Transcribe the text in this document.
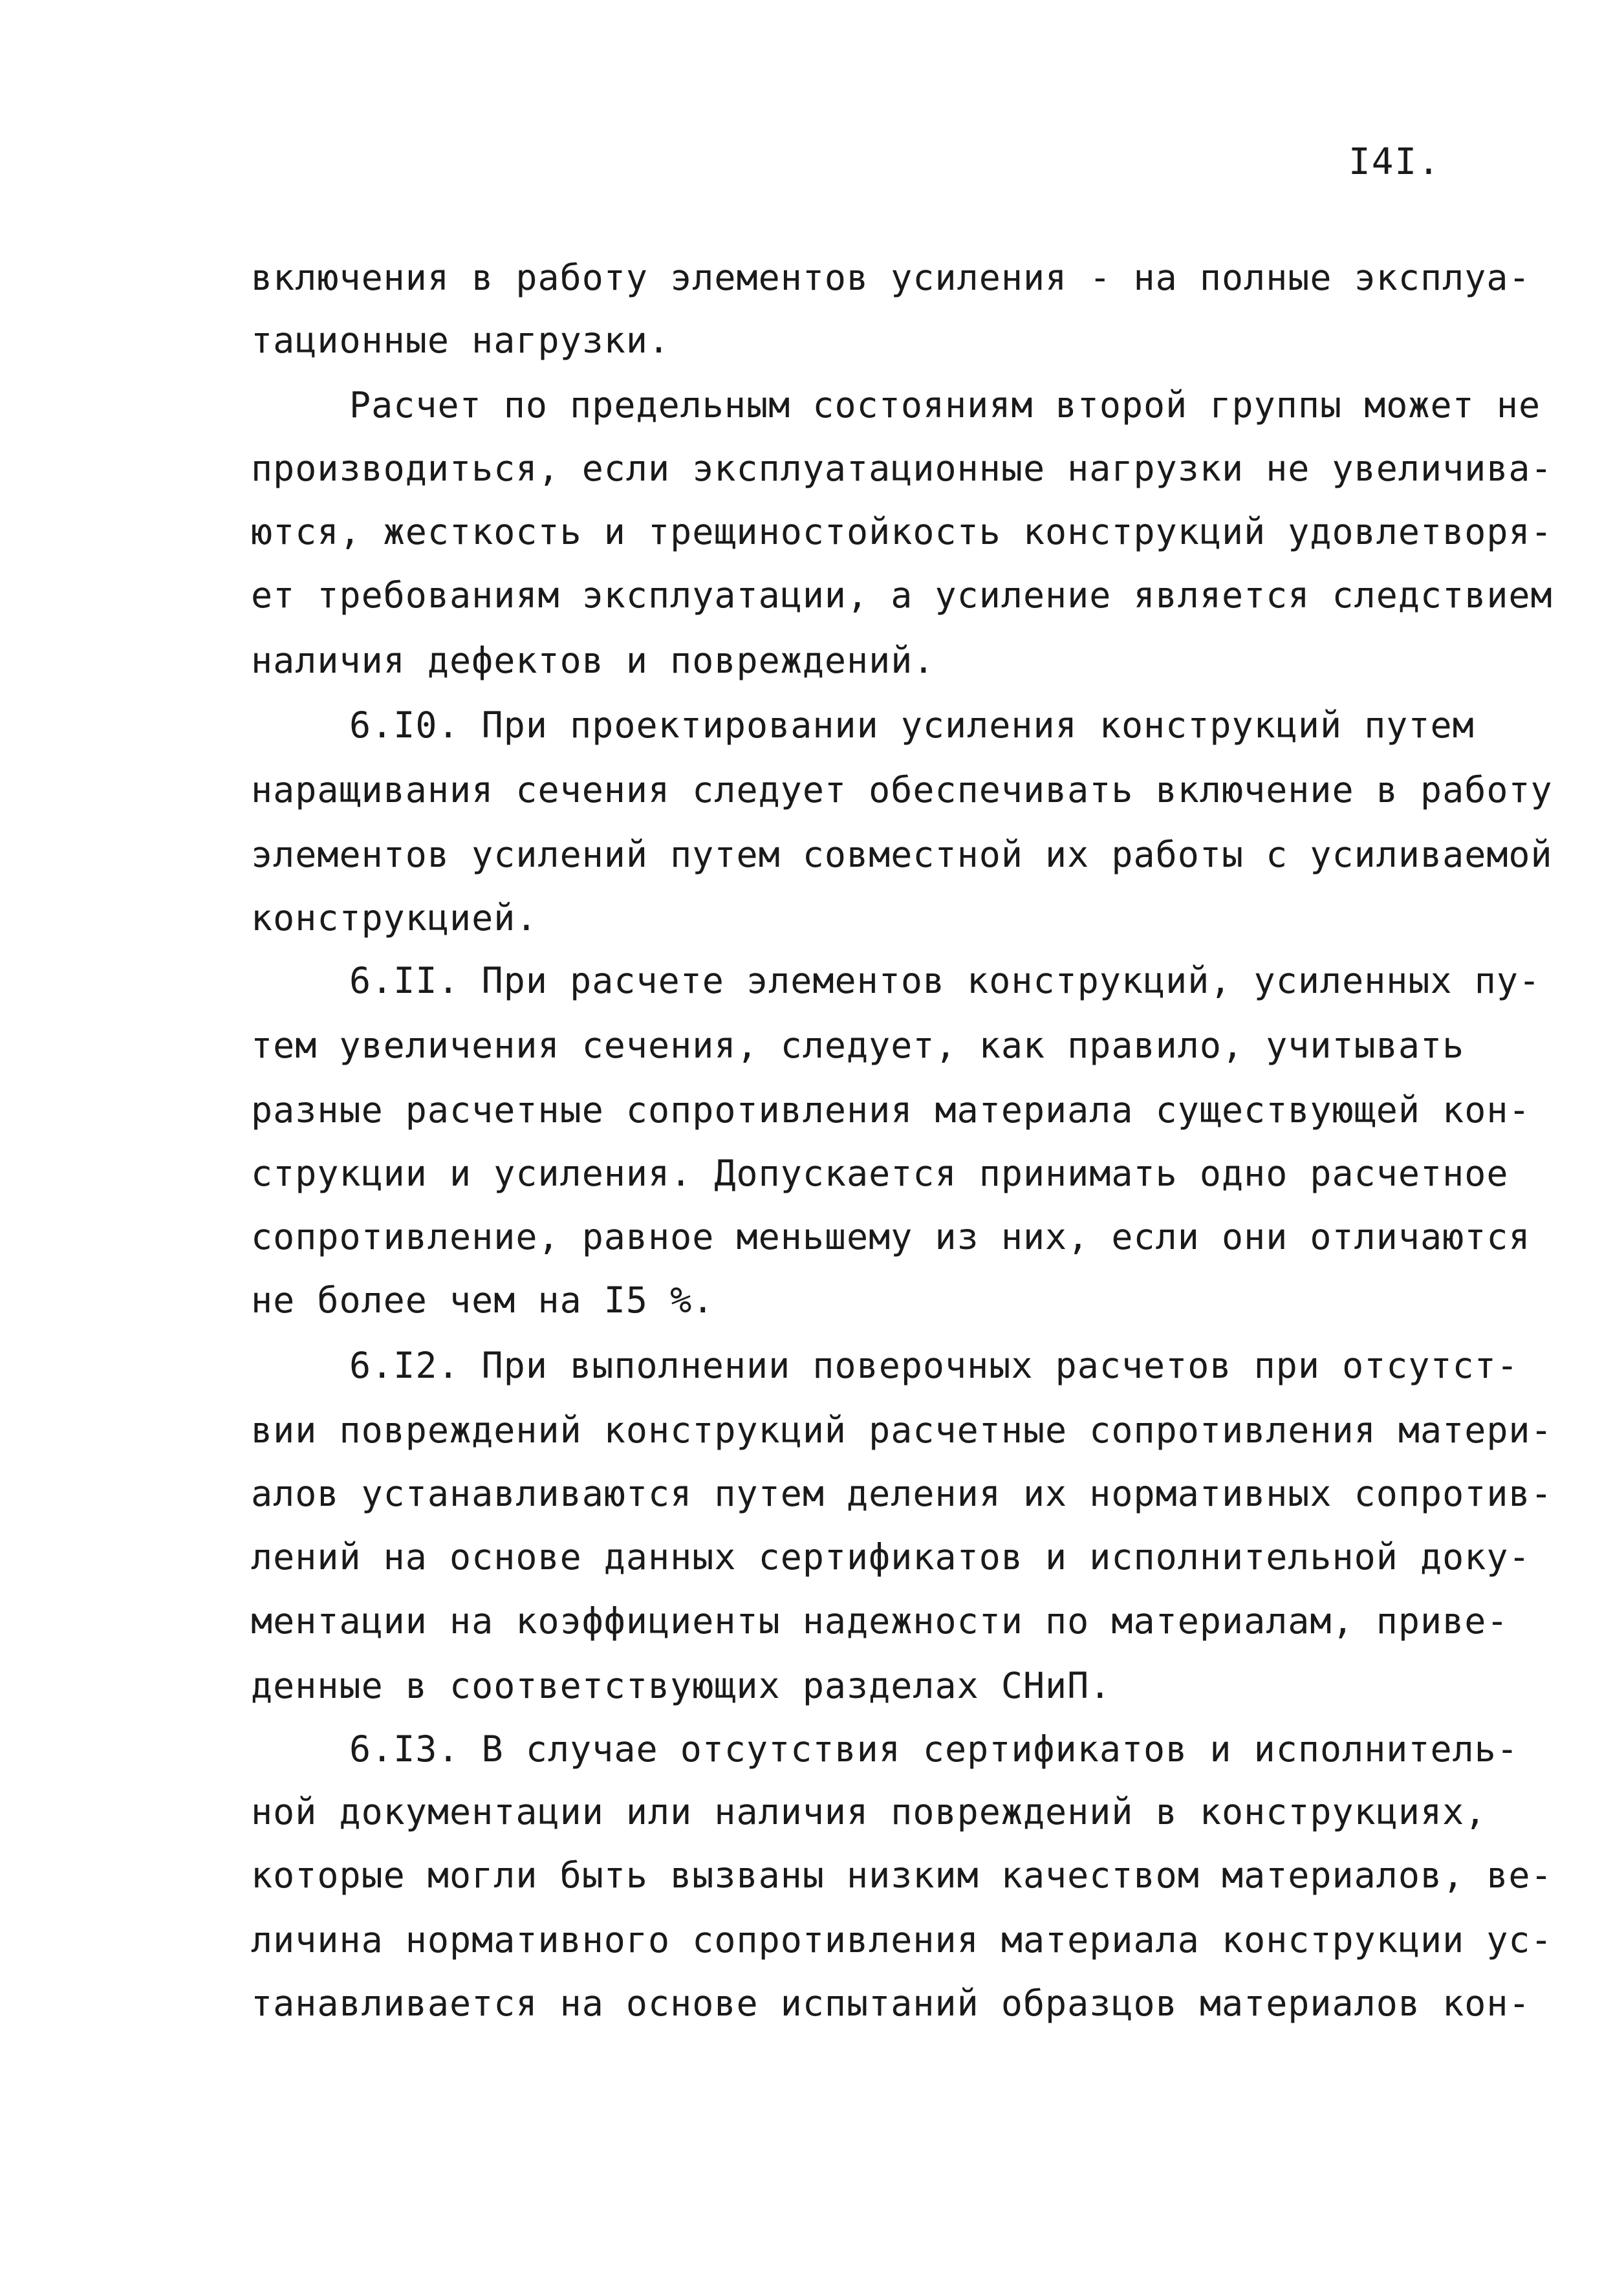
I4I.
включения в работу элементов усиления - на полные эксплуа-
тационные нагрузки.
Расчет по предельным состояниям второй группы может не
производиться, если эксплуатационные нагрузки не увеличива-
ются, жесткость и трещиностойкость конструкций удовлетворя-
ет требованиям эксплуатации, а усиление является следствием
наличия дефектов и повреждений.
6.I0. При проектировании усиления конструкций путем
наращивания сечения следует обеспечивать включение в работу
элементов усилений путем совместной их работы с усиливаемой
конструкцией.
6.II. При расчете элементов конструкций, усиленных пу-
тем увеличения сечения, следует, как правило, учитывать
разные расчетные сопротивления материала существующей кон-
струкции и усиления. Допускается принимать одно расчетное
сопротивление, равное меньшему из них, если они отличаются
не более чем на I5 %.
6.I2. При выполнении поверочных расчетов при отсутст-
вии повреждений конструкций расчетные сопротивления матери-
алов устанавливаются путем деления их нормативных сопротив-
лений на основе данных сертификатов и исполнительной доку-
ментации на коэффициенты надежности по материалам, приве-
денные в соответствующих разделах СНиП.
6.I3. В случае отсутствия сертификатов и исполнитель-
ной документации или наличия повреждений в конструкциях,
которые могли быть вызваны низким качеством материалов, ве-
личина нормативного сопротивления материала конструкции ус-
танавливается на основе испытаний образцов материалов кон-
